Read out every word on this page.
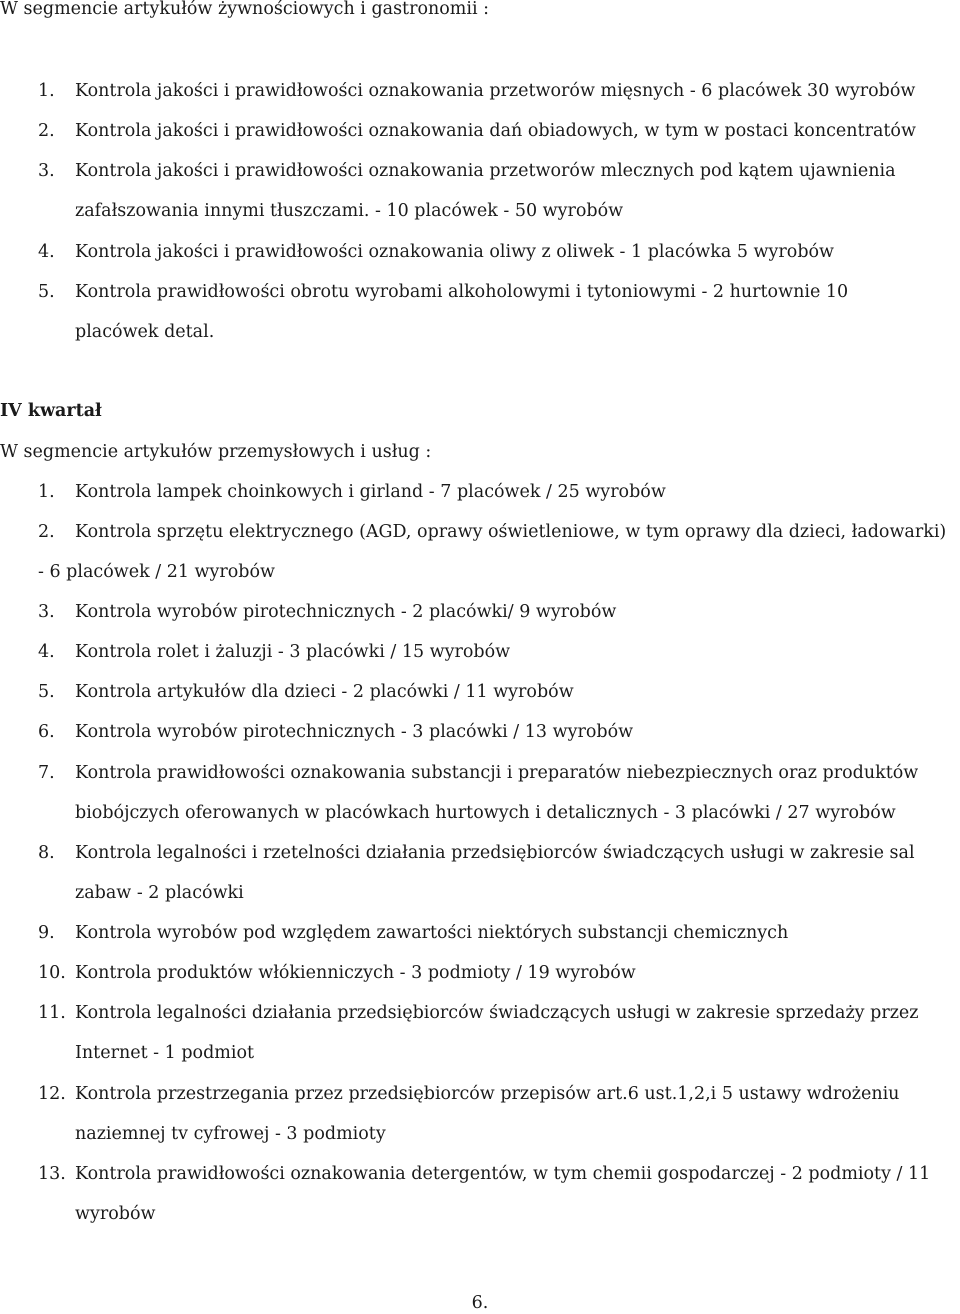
W segmencie artykułów żywnościowych i gastronomii :
1. Kontrola jakości i prawidłowości oznakowania przetworów mięsnych - 6 placówek 30 wyrobów
2. Kontrola jakości i prawidłowości oznakowania dań obiadowych, w tym w postaci koncentratów
3. Kontrola jakości i prawidłowości oznakowania przetworów mlecznych pod kątem ujawnienia
zafałszowania innymi tłuszczami. - 10 placówek - 50 wyrobów
4. Kontrola jakości i prawidłowości oznakowania oliwy z oliwek - 1 placówka 5 wyrobów
5. Kontrola prawidłowości obrotu wyrobami alkoholowymi i tytoniowymi - 2 hurtownie 10
placówek detal.
IV kwartał
W segmencie artykułów przemysłowych i usług :
1. Kontrola lampek choinkowych i girland - 7 placówek / 25 wyrobów
2. Kontrola sprzętu elektrycznego (AGD, oprawy oświetleniowe, w tym oprawy dla dzieci, ładowarki)
- 6 placówek / 21 wyrobów
3. Kontrola wyrobów pirotechnicznych - 2 placówki/ 9 wyrobów
4. Kontrola rolet i żaluzji - 3 placówki / 15 wyrobów
5. Kontrola artykułów dla dzieci - 2 placówki / 11 wyrobów
6. Kontrola wyrobów pirotechnicznych - 3 placówki / 13 wyrobów
7. Kontrola prawidłowości oznakowania substancji i preparatów niebezpiecznych oraz produktów
biobójczych oferowanych w placówkach hurtowych i detalicznych - 3 placówki / 27 wyrobów
8. Kontrola legalności i rzetelności działania przedsiębiorców świadczących usługi w zakresie sal
zabaw - 2 placówki
9. Kontrola wyrobów pod względem zawartości niektórych substancji chemicznych
10. Kontrola produktów włókienniczych - 3 podmioty / 19 wyrobów
11. Kontrola legalności działania przedsiębiorców świadczących usługi w zakresie sprzedaży przez
Internet - 1 podmiot
12. Kontrola przestrzegania przez przedsiębiorców przepisów art.6 ust.1,2,i 5 ustawy wdrożeniu
naziemnej tv cyfrowej - 3 podmioty
13. Kontrola prawidłowości oznakowania detergentów, w tym chemii gospodarczej - 2 podmioty / 11
wyrobów
6.
